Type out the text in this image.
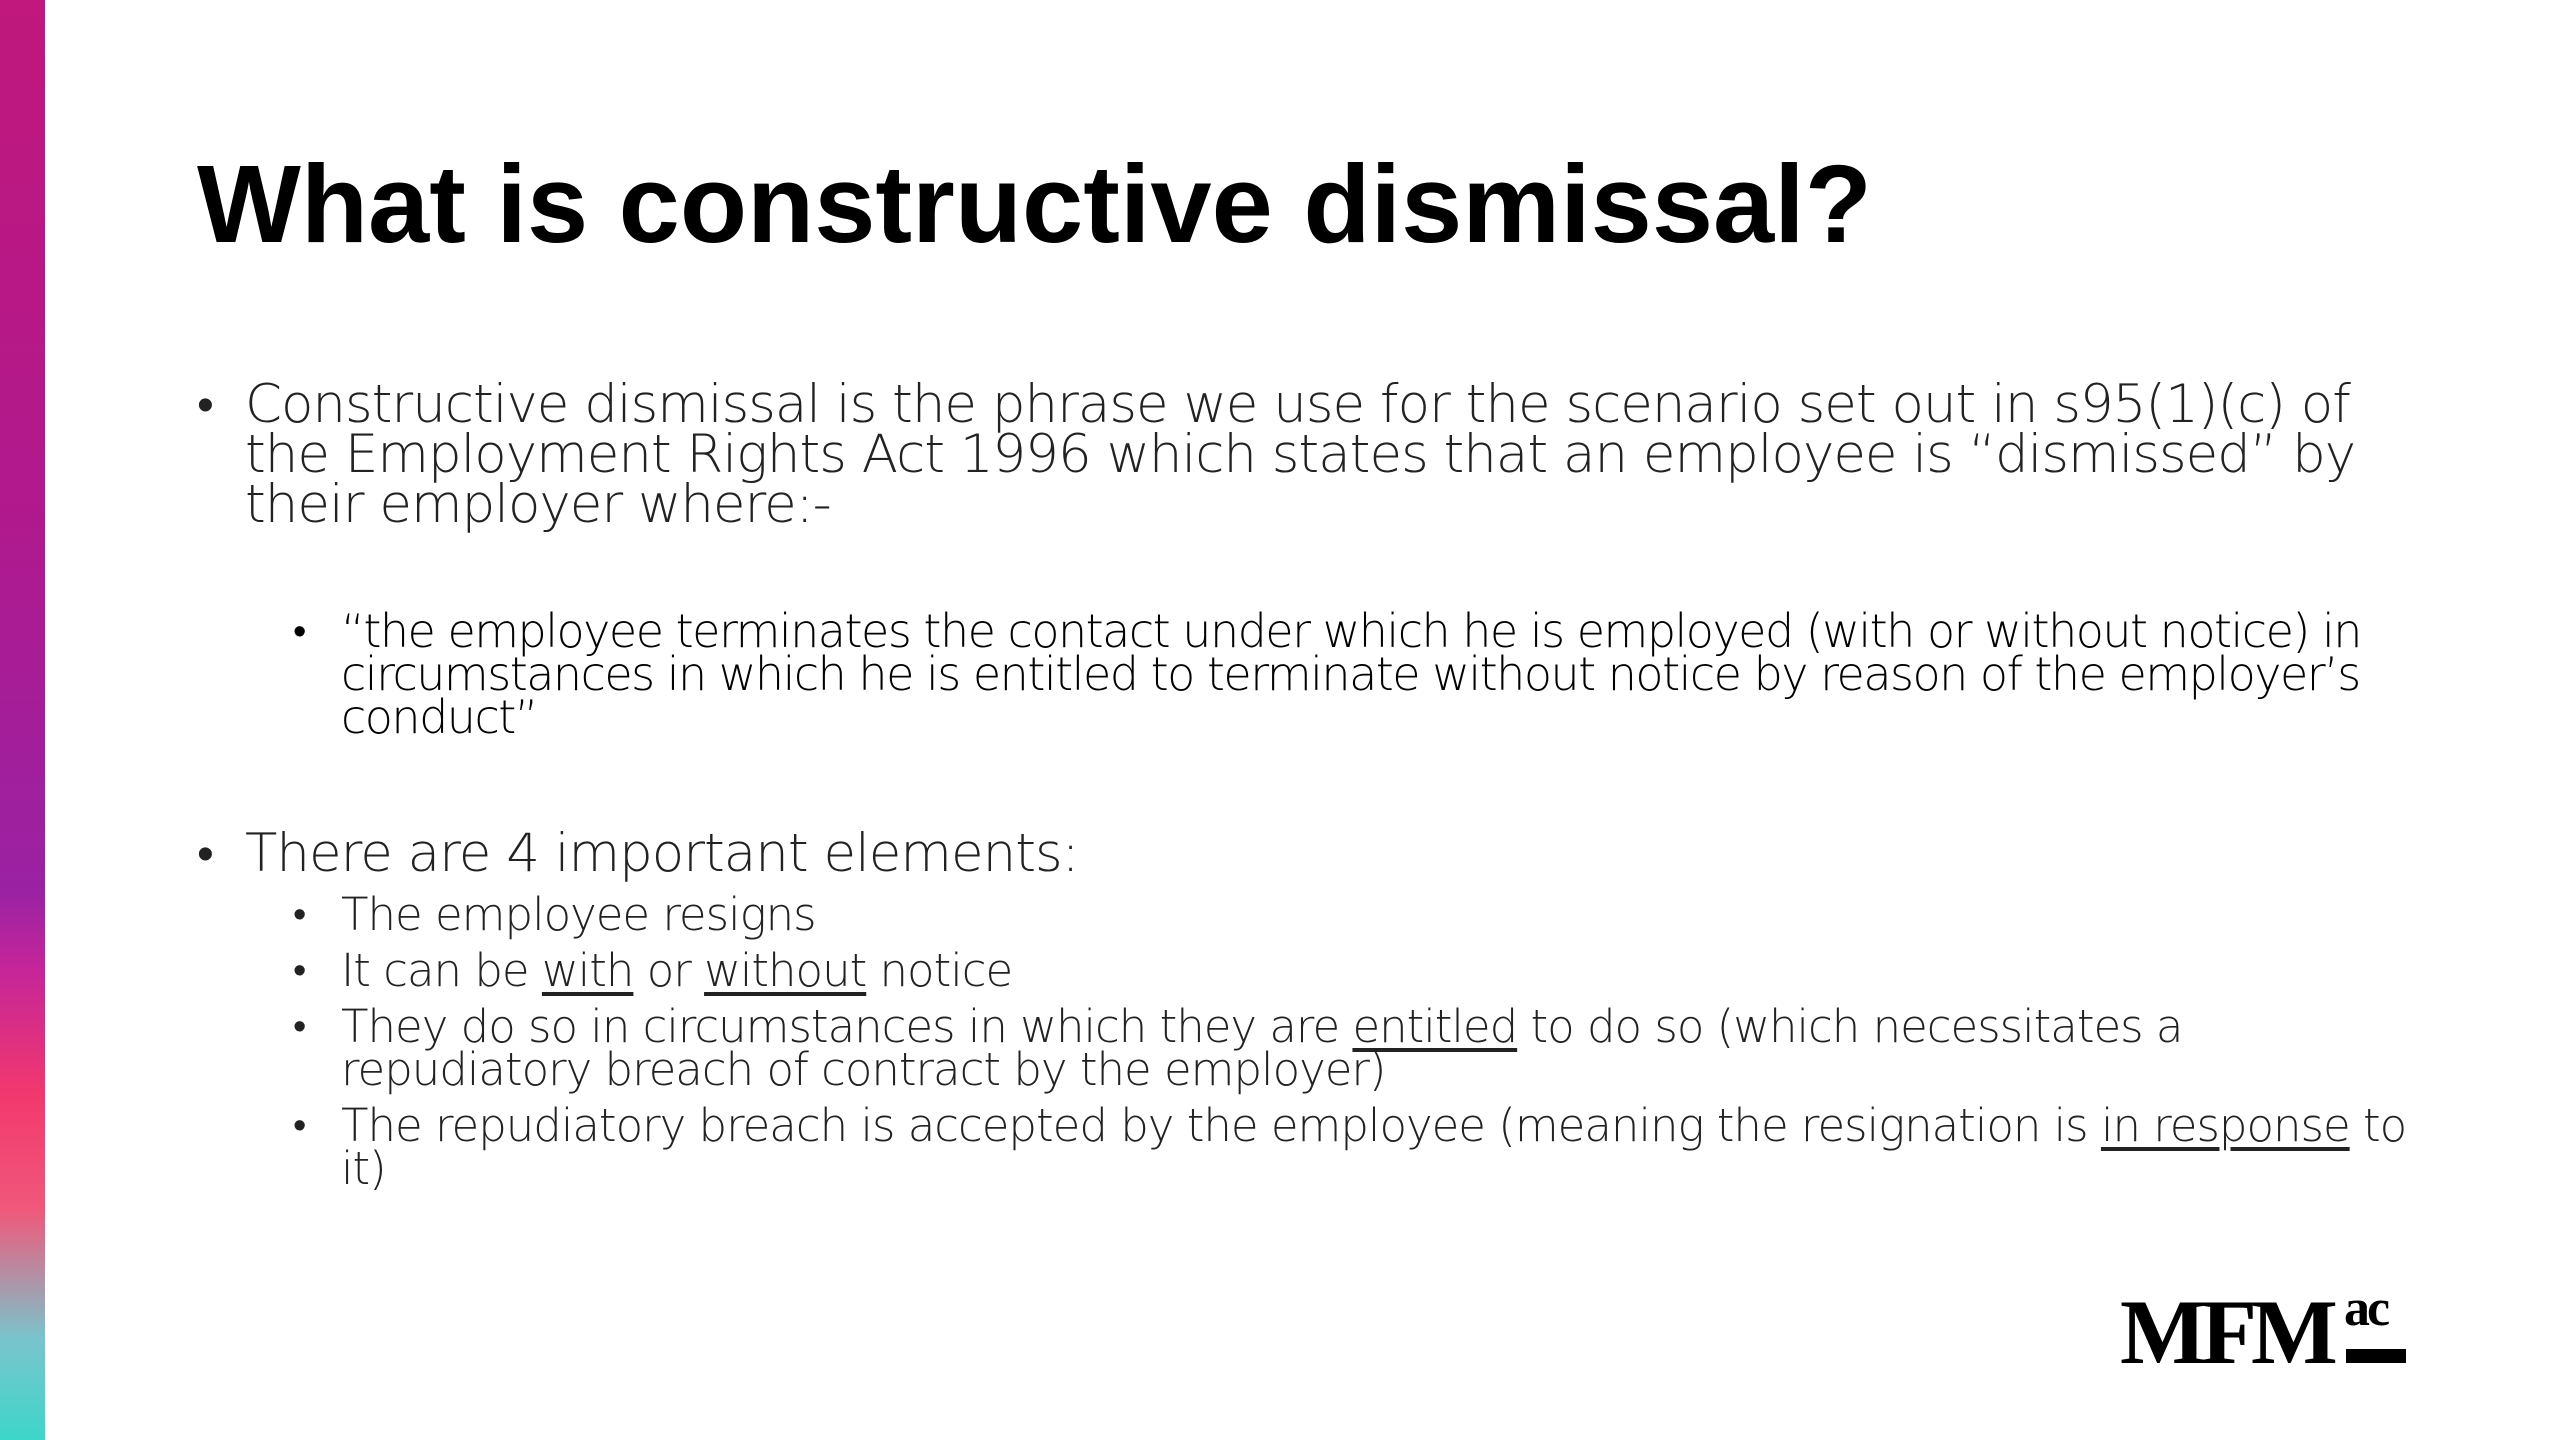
What is constructive dismissal?
• Constructive dismissal is the phrase we use for the scenario set out in s95(1)(c) of the Employment Rights Act 1996 which states that an employee is “dismissed” by their employer where:-
• “the employee terminates the contact under which he is employed (with or without notice) in circumstances in which he is entitled to terminate without notice by reason of the employer’s conduct”
• There are 4 important elements:
• The employee resigns
• It can be with or without notice
• They do so in circumstances in which they are entitled to do so (which necessitates a repudiatory breach of contract by the employer)
• The repudiatory breach is accepted by the employee (meaning the resignation is in response to it)
MFM ac
